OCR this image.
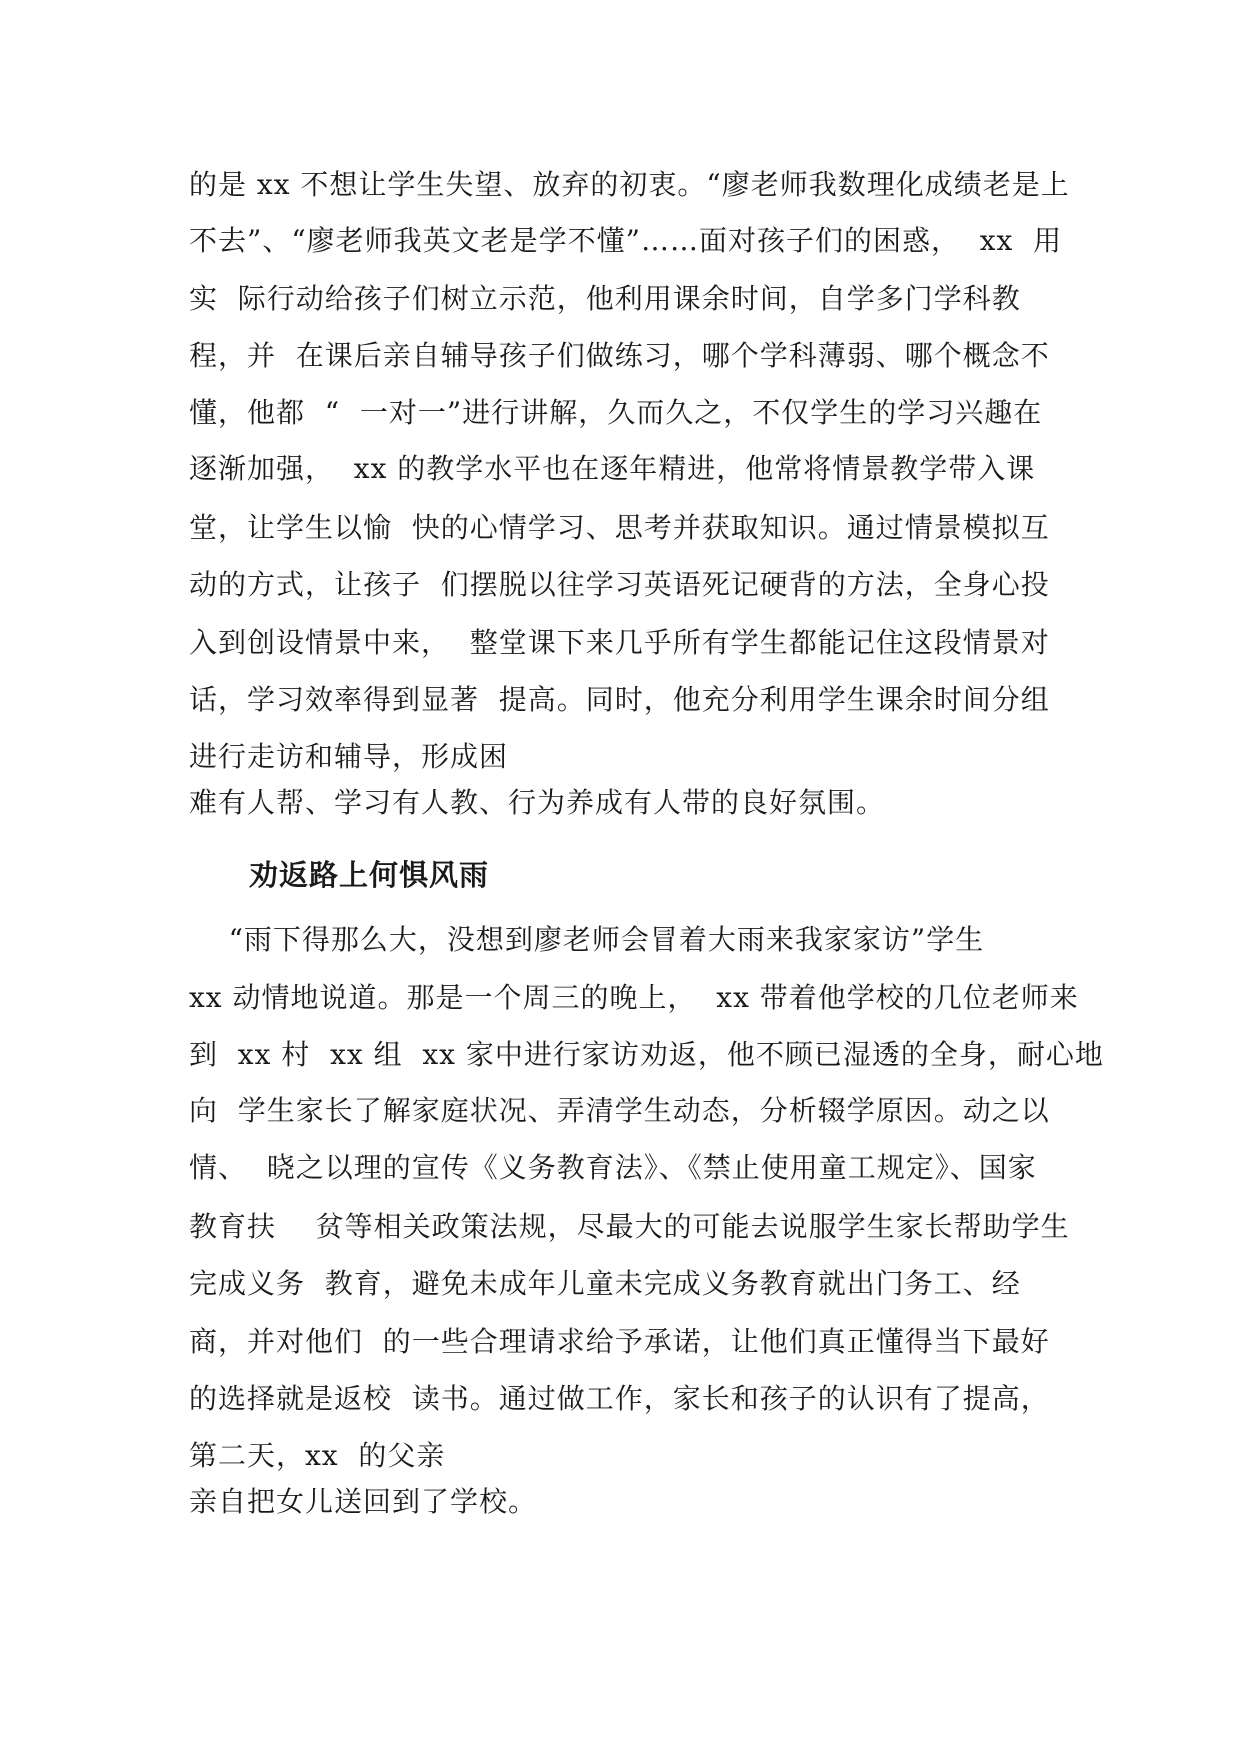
的是 xx 不想让学生失望、放弃的初衷。“廖老师我数理化成绩老是上
不去”、“廖老师我英文老是学不懂”……面对孩子们的困惑，  xx  用
实  际行动给孩子们树立示范，他利用课余时间，自学多门学科教
程，并  在课后亲自辅导孩子们做练习，哪个学科薄弱、哪个概念不
懂，他都  “  一对一”进行讲解，久而久之，不仅学生的学习兴趣在
逐渐加强，  xx 的教学水平也在逐年精进，他常将情景教学带入课
堂，让学生以愉  快的心情学习、思考并获取知识。通过情景模拟互
动的方式，让孩子  们摆脱以往学习英语死记硬背的方法，全身心投
入到创设情景中来，  整堂课下来几乎所有学生都能记住这段情景对
话，学习效率得到显著  提高。同时，他充分利用学生课余时间分组
进行走访和辅导，形成困
难有人帮、学习有人教、行为养成有人带的良好氛围。
劝返路上何惧风雨
“雨下得那么大，没想到廖老师会冒着大雨来我家家访”学生
xx 动情地说道。那是一个周三的晚上，  xx 带着他学校的几位老师来
到  xx 村  xx 组  xx 家中进行家访劝返，他不顾已湿透的全身，耐心地
向  学生家长了解家庭状况、弄清学生动态，分析辍学原因。动之以
情、  晓之以理的宣传《义务教育法》、《禁止使用童工规定》、国家
教育扶    贫等相关政策法规，尽最大的可能去说服学生家长帮助学生
完成义务  教育，避免未成年儿童未完成义务教育就出门务工、经
商，并对他们  的一些合理请求给予承诺，让他们真正懂得当下最好
的选择就是返校  读书。通过做工作，家长和孩子的认识有了提高，
第二天，xx  的父亲
亲自把女儿送回到了学校。
